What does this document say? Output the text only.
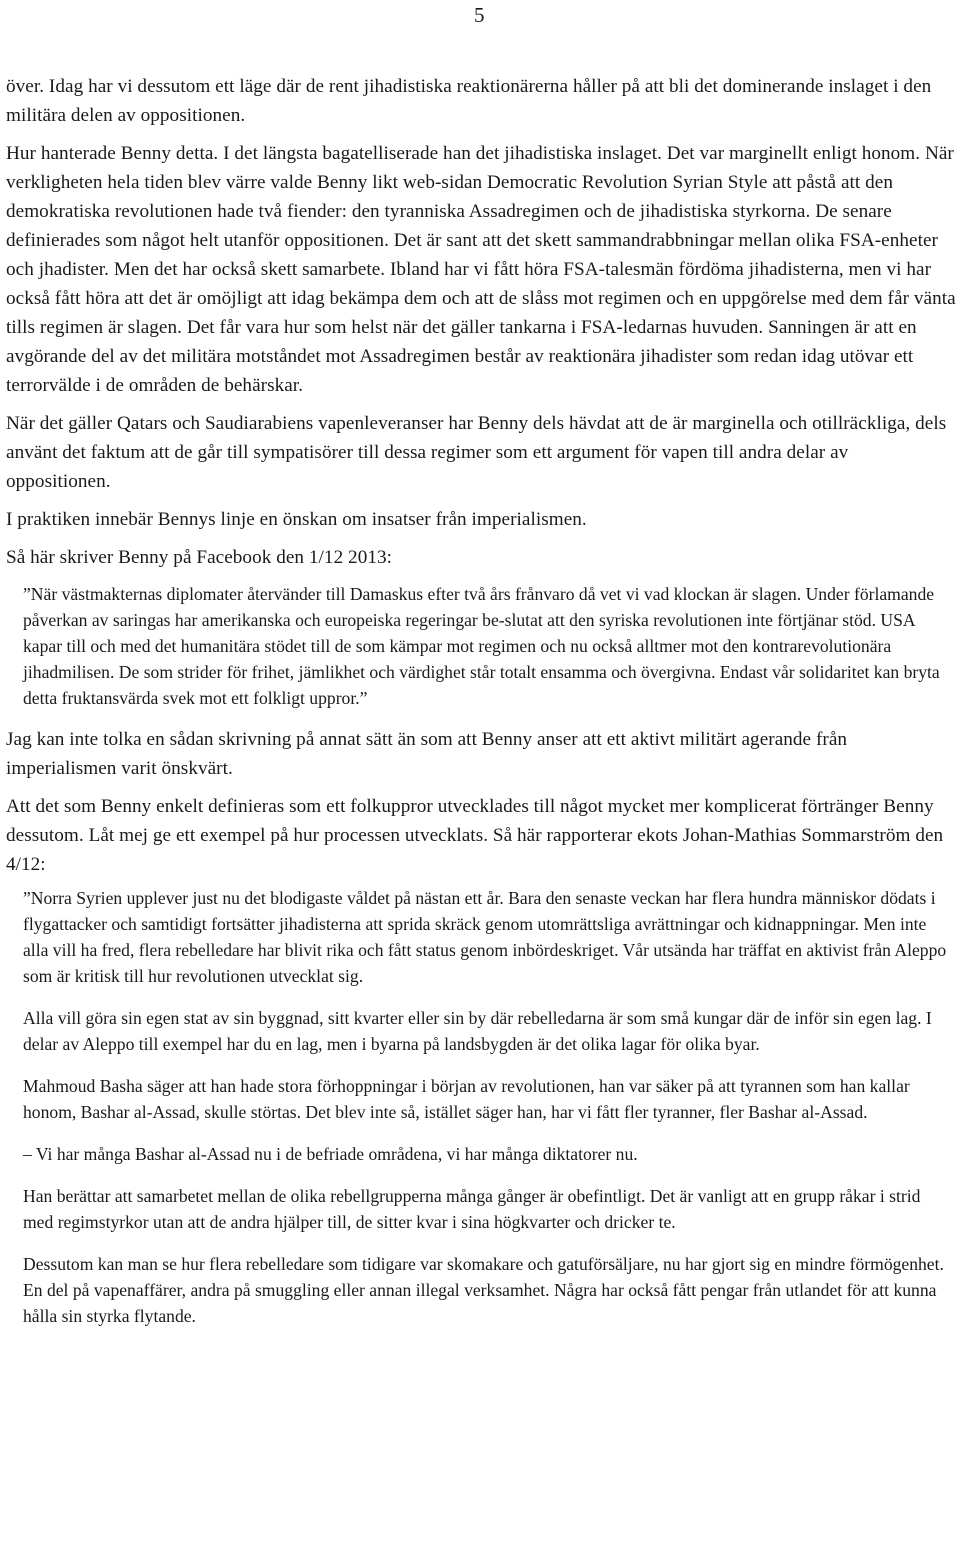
5

över. Idag har vi dessutom ett läge där de rent jihadistiska reaktionärerna håller på att bli det dominerande inslaget i den militära delen av oppositionen.

Hur hanterade Benny detta. I det längsta bagatelliserade han det jihadistiska inslaget. Det var marginellt enligt honom. När verkligheten hela tiden blev värre valde Benny likt web-sidan Democratic Revolution Syrian Style att påstå att den demokratiska revolutionen hade två fiender: den tyranniska Assadregimen och de jihadistiska styrkorna. De senare definierades som något helt utanför oppositionen. Det är sant att det skett sammandrabbningar mellan olika FSA-enheter och jhadister. Men det har också skett samarbete. Ibland har vi fått höra FSA-talesmän fördöma jihadisterna, men vi har också fått höra att det är omöjligt att idag bekämpa dem och att de slåss mot regimen och en uppgörelse med dem får vänta tills regimen är slagen. Det får vara hur som helst när det gäller tankarna i FSA-ledarnas huvuden. Sanningen är att en avgörande del av det militära motståndet mot Assadregimen består av reaktionära jihadister som redan idag utövar ett terrorvälde i de områden de behärskar.

När det gäller Qatars och Saudiarabiens vapenleveranser har Benny dels hävdat att de är marginella och otillräckliga, dels använt det faktum att de går till sympatisörer till dessa regimer som ett argument för vapen till andra delar av oppositionen.

I praktiken innebär Bennys linje en önskan om insatser från imperialismen.

Så här skriver Benny på Facebook den 1/12 2013:

”När västmakternas diplomater återvänder till Damaskus efter två års frånvaro då vet vi vad klockan är slagen. Under förlamande påverkan av saringas har amerikanska och europeiska regeringar be-slutat att den syriska revolutionen inte förtjänar stöd. USA kapar till och med det humanitära stödet till de som kämpar mot regimen och nu också alltmer mot den kontrarevolutionära jihadmilisen. De som strider för frihet, jämlikhet och värdighet står totalt ensamma och övergivna. Endast vår solidaritet kan bryta detta fruktansvärda svek mot ett folkligt uppror.”

Jag kan inte tolka en sådan skrivning på annat sätt än som att Benny anser att ett aktivt militärt agerande från imperialismen varit önskvärt.

Att det som Benny enkelt definieras som ett folkuppror utvecklades till något mycket mer komplicerat förtränger Benny dessutom. Låt mej ge ett exempel på hur processen utvecklats. Så här rapporterar ekots Johan-Mathias Sommarström den 4/12:

”Norra Syrien upplever just nu det blodigaste våldet på nästan ett år. Bara den senaste veckan har flera hundra människor dödats i flygattacker och samtidigt fortsätter jihadisterna att sprida skräck genom utomrättsliga avrättningar och kidnappningar. Men inte alla vill ha fred, flera rebelledare har blivit rika och fått status genom inbördeskriget. Vår utsända har träffat en aktivist från Aleppo som är kritisk till hur revolutionen utvecklat sig.

Alla vill göra sin egen stat av sin byggnad, sitt kvarter eller sin by där rebelledarna är som små kungar där de inför sin egen lag. I delar av Aleppo till exempel har du en lag, men i byarna på landsbygden är det olika lagar för olika byar.

Mahmoud Basha säger att han hade stora förhoppningar i början av revolutionen, han var säker på att tyrannen som han kallar honom, Bashar al-Assad, skulle störtas. Det blev inte så, istället säger han, har vi fått fler tyranner, fler Bashar al-Assad.

– Vi har många Bashar al-Assad nu i de befriade områdena, vi har många diktatorer nu.

Han berättar att samarbetet mellan de olika rebellgrupperna många gånger är obefintligt. Det är vanligt att en grupp råkar i strid med regimstyrkor utan att de andra hjälper till, de sitter kvar i sina högkvarter och dricker te.

Dessutom kan man se hur flera rebelledare som tidigare var skomakare och gatuförsäljare, nu har gjort sig en mindre förmögenhet. En del på vapenaffärer, andra på smuggling eller annan illegal verksamhet. Några har också fått pengar från utlandet för att kunna hålla sin styrka flytande.
